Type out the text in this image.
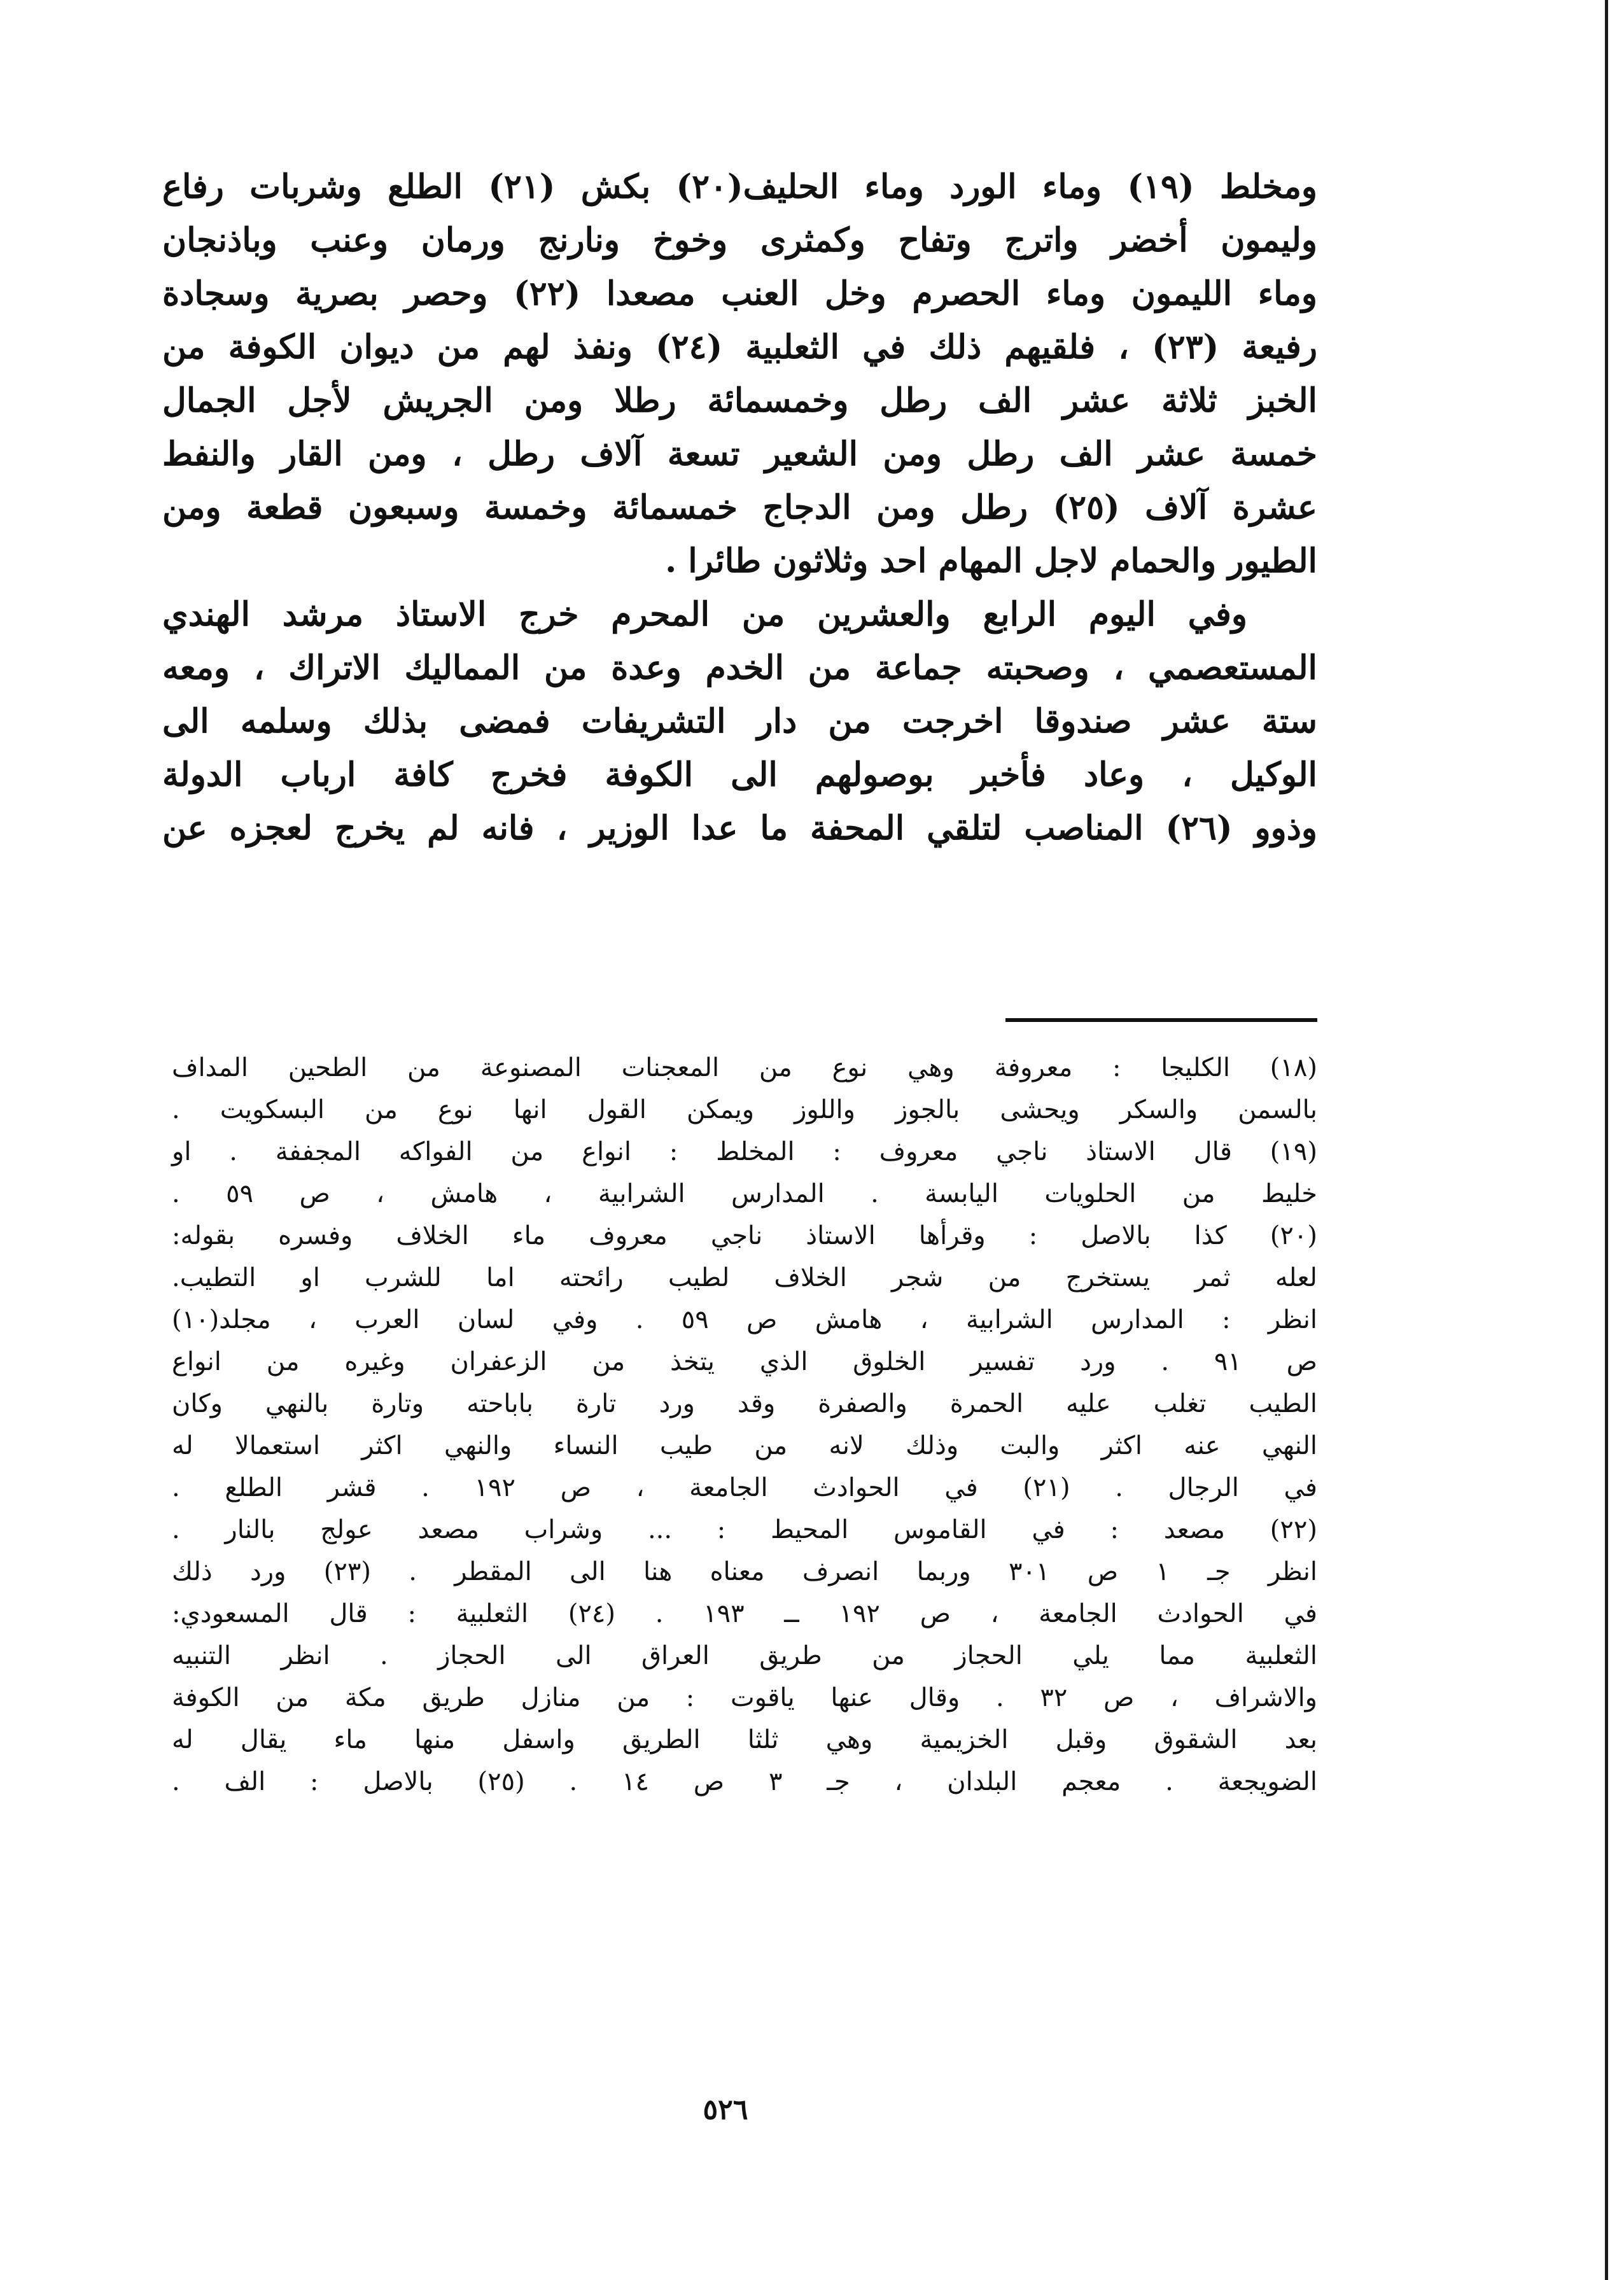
ومخلط (١٩) وماء الورد وماء الحليف(٢٠) بكش (٢١) الطلع وشربات رفاع
وليمون أخضر واترج وتفاح وكمثرى وخوخ ونارنج ورمان وعنب وباذنجان
وماء الليمون وماء الحصرم وخل العنب مصعدا (٢٢) وحصر بصرية وسجادة
رفيعة (٢٣) ، فلقيهم ذلك في الثعلبية (٢٤) ونفذ لهم من ديوان الكوفة من
الخبز ثلاثة عشر الف رطل وخمسمائة رطلا ومن الجريش لأجل الجمال
خمسة عشر الف رطل ومن الشعير تسعة آلاف رطل ، ومن القار والنفط
عشرة آلاف (٢٥) رطل ومن الدجاج خمسمائة وخمسة وسبعون قطعة ومن
الطيور والحمام لاجل المهام احد وثلاثون طائرا .
وفي اليوم الرابع والعشرين من المحرم خرج الاستاذ مرشد الهندي
المستعصمي ، وصحبته جماعة من الخدم وعدة من المماليك الاتراك ، ومعه
ستة عشر صندوقا اخرجت من دار التشريفات فمضى بذلك وسلمه الى
الوكيل ، وعاد فأخبر بوصولهم الى الكوفة فخرج كافة ارباب الدولة
وذوو (٢٦) المناصب لتلقي المحفة ما عدا الوزير ، فانه لم يخرج لعجزه عن
(١٨) الكليجا : معروفة وهي نوع من المعجنات المصنوعة من الطحين المداف
بالسمن والسكر ويحشى بالجوز واللوز ويمكن القول انها نوع من البسكويت .
(١٩) قال الاستاذ ناجي معروف : المخلط : انواع من الفواكه المجففة . او
خليط من الحلويات اليابسة . المدارس الشرابية ، هامش ، ص ٥٩ .
(٢٠) كذا بالاصل : وقرأها الاستاذ ناجي معروف ماء الخلاف وفسره بقوله:
لعله ثمر يستخرج من شجر الخلاف لطيب رائحته اما للشرب او التطيب.
انظر : المدارس الشرابية ، هامش ص ٥٩ . وفي لسان العرب ، مجلد(١٠)
ص ٩١ . ورد تفسير الخلوق الذي يتخذ من الزعفران وغيره من انواع
الطيب تغلب عليه الحمرة والصفرة وقد ورد تارة باباحته وتارة بالنهي وكان
النهي عنه اكثر والبت وذلك لانه من طيب النساء والنهي اكثر استعمالا له
في الرجال . (٢١) في الحوادث الجامعة ، ص ١٩٢ . قشر الطلع .
(٢٢) مصعد : في القاموس المحيط : ... وشراب مصعد عولج بالنار .
انظر جـ ١ ص ٣٠١ وربما انصرف معناه هنا الى المقطر . (٢٣) ورد ذلك
في الحوادث الجامعة ، ص ١٩٢ ــ ١٩٣ . (٢٤) الثعلبية : قال المسعودي:
الثعلبية مما يلي الحجاز من طريق العراق الى الحجاز . انظر التنبيه
والاشراف ، ص ٣٢ . وقال عنها ياقوت : من منازل طريق مكة من الكوفة
بعد الشقوق وقبل الخزيمية وهي ثلثا الطريق واسفل منها ماء يقال له
الضويجعة . معجم البلدان ، جـ ٣ ص ١٤ . (٢٥) بالاصل : الف .
٥٢٦
